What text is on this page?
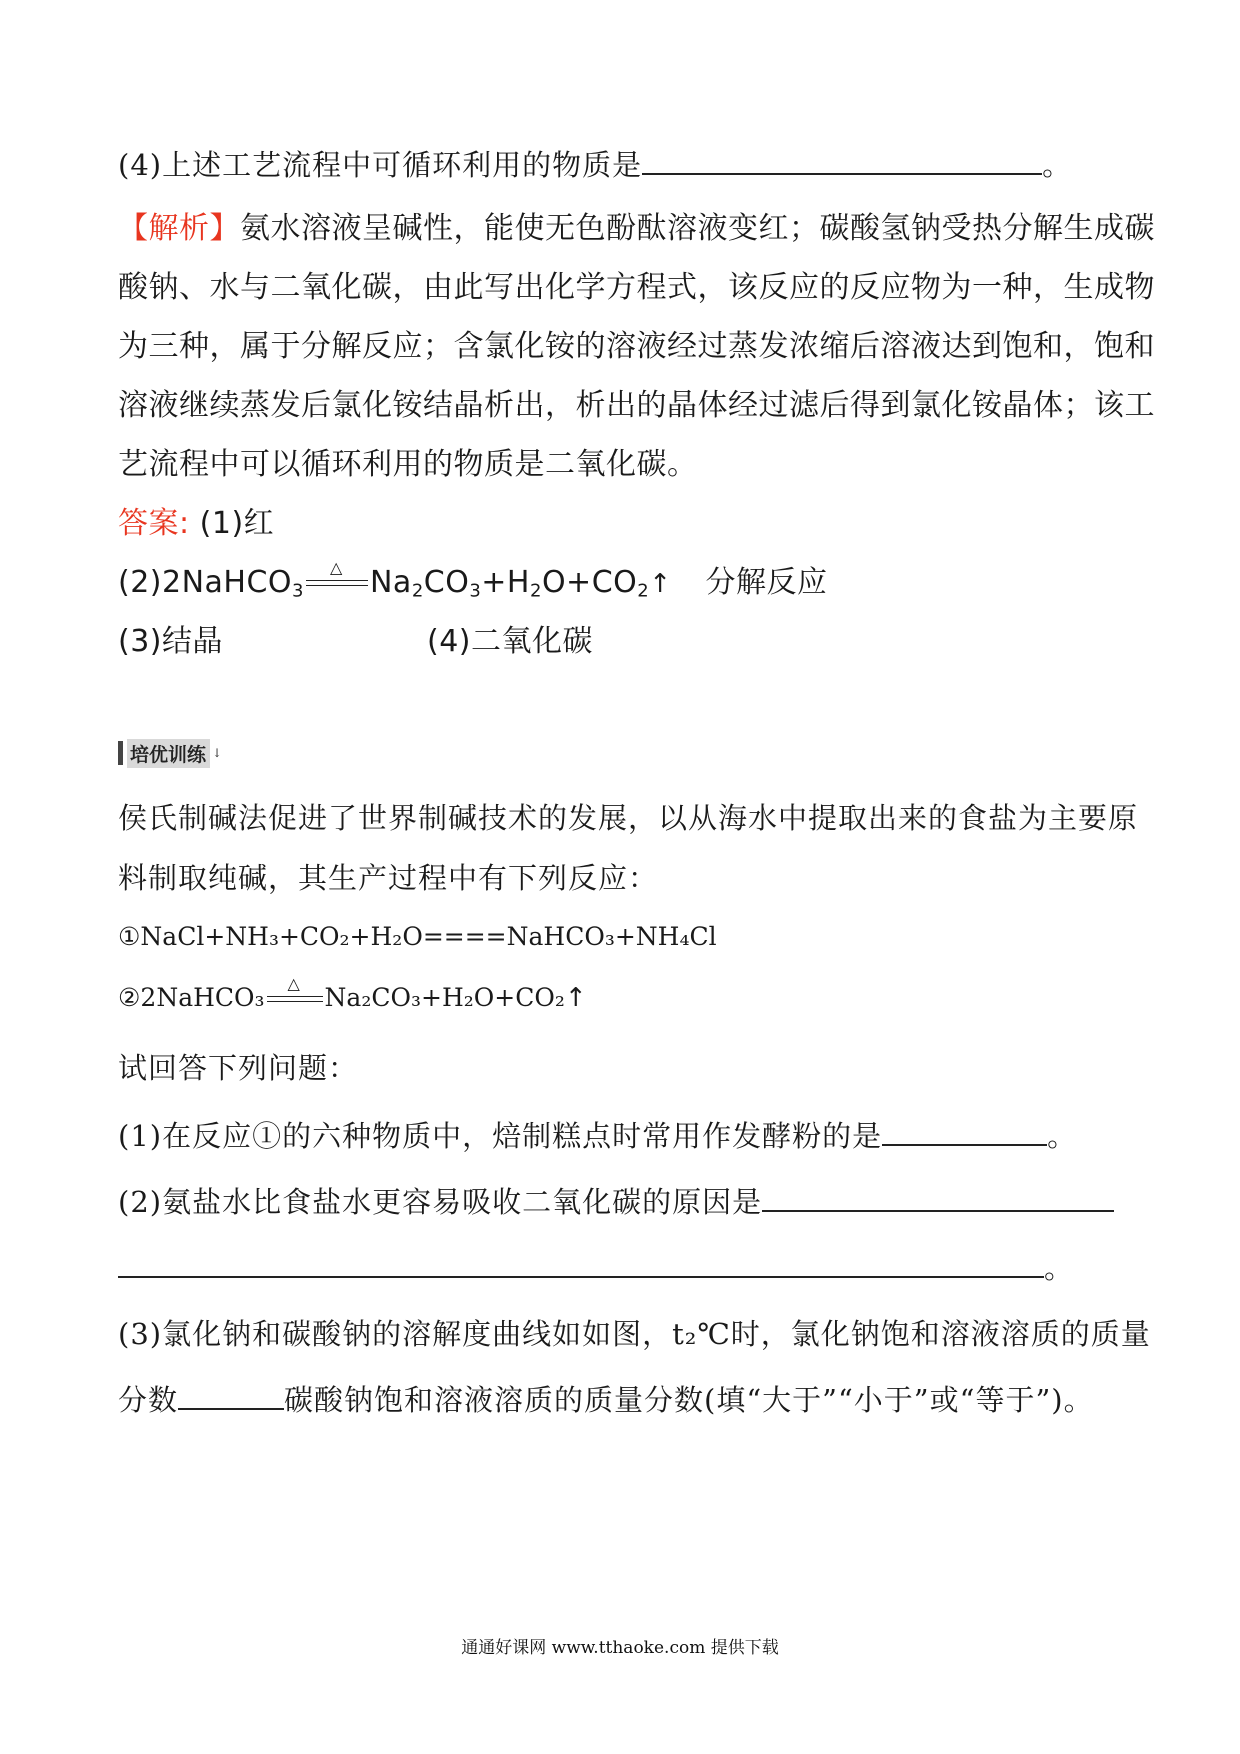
(4)上述工艺流程中可循环利用的物质是	。
【解析】氨水溶液呈碱性，能使无色酚酞溶液变红；碳酸氢钠受热分解生成碳
酸钠、水与二氧化碳，由此写出化学方程式，该反应的反应物为一种，生成物
为三种，属于分解反应；含氯化铵的溶液经过蒸发浓缩后溶液达到饱和，饱和
溶液继续蒸发后氯化铵结晶析出，析出的晶体经过滤后得到氯化铵晶体；该工
艺流程中可以循环利用的物质是二氧化碳。
答案: (1)红
(2)2NaHCO$_3$
△ $Na_2CO_3+H_2O+CO_2↑$ 分解反应
(3)结晶	(4)二氧化碳
培优训练 ↓
侯氏制碱法促进了世界制碱技术的发展，以从海水中提取出来的食盐为主要原
料制取纯碱，其生产过程中有下列反应：
①NaCl+NH₃+CO₂+H₂O====NaHCO₃+NH₄Cl
②2NaHCO₃ △ Na₂CO₃+H₂O+CO₂↑
试回答下列问题：
(1)在反应①的六种物质中，焙制糕点时常用作发酵粉的是	。
(2)氨盐水比食盐水更容易吸收二氧化碳的原因是
。
(3)氯化钠和碳酸钠的溶解度曲线如如图，t₂℃时，氯化钠饱和溶液溶质的质量
分数	碳酸钠饱和溶液溶质的质量分数(填“大于”“小于”或“等于”)。
通通好课网 www.tthaoke.com 提供下载
